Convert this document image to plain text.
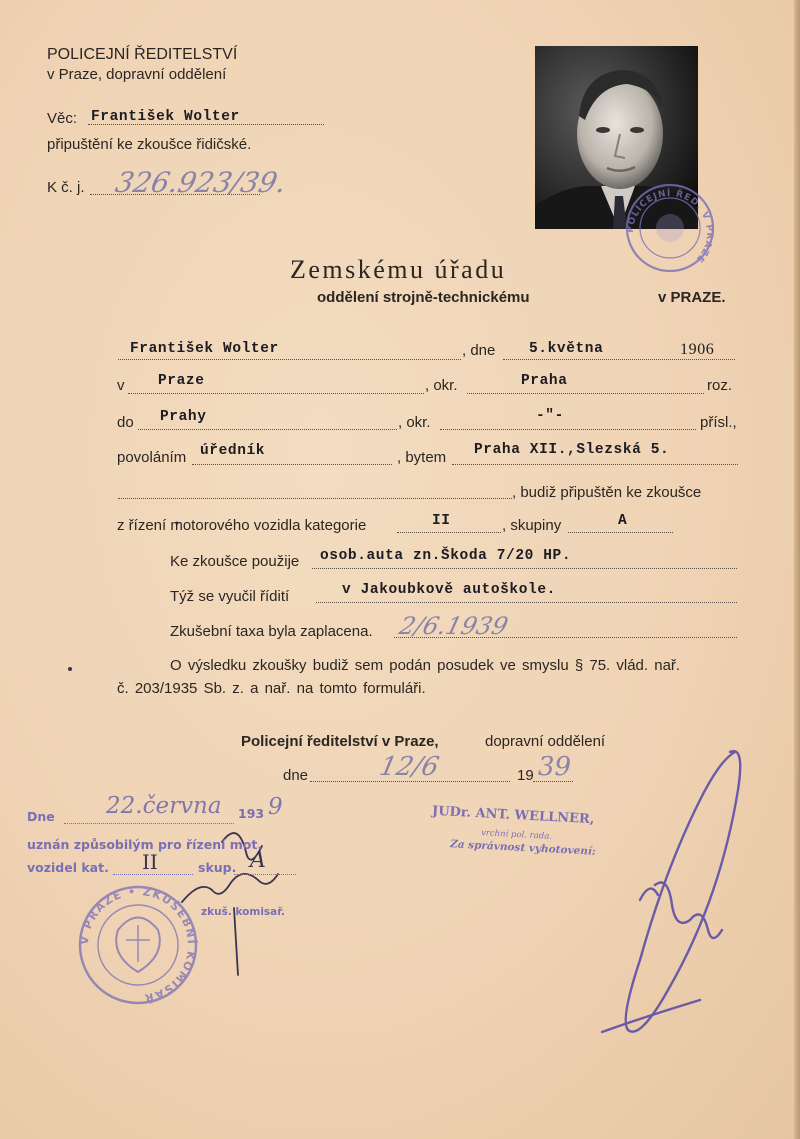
POLICEJNÍ ŘEDITELSTVÍ
v Praze, dopravní oddělení
Věc: František Wolter
připuštění ke zkoušce řidičské.
K č. j. 326.923/39.
POLICEJNÍ ŘED. V PRAZE
V PRAZE • ZKUŠEBNÍ KOMISAŘ
Zemskému úřadu
oddělení strojně-technickému	v PRAZE.
František Wolter	, dne 5.května	1906
v Praze	, okr.	Praha	roz.
do Prahy	, okr.	-"-	přísl.,
povoláním úředník	, bytem Praha XII.,Slezská 5.
, budiž připuštěn ke zkoušce
z řízení motorového vozidla kategorie	II	, skupiny	A
Ke zkoušce použije osob.auta zn.Škoda 7/20 HP.
Týž se vyučil řídití	v Jakoubkově autoškole.
Zkušební taxa byla zaplacena. 2/6.1939
O výsledku zkoušky budiž sem podán posudek ve smyslu § 75. vlád. nař.
č. 203/1935 Sb. z. a nař. na tomto formuláři.
Policejní ředitelství v Praze,	dopravní oddělení
dne	12/6	19 39
JUDr. ANT. WELLNER,
vrchní pol. rada.
Za správnost vyhotovení:
Dne 22.června 193 9
uznán způsobilým pro řízení mot.
vozidel kat. II	skup. A
zkuš. komisař.
